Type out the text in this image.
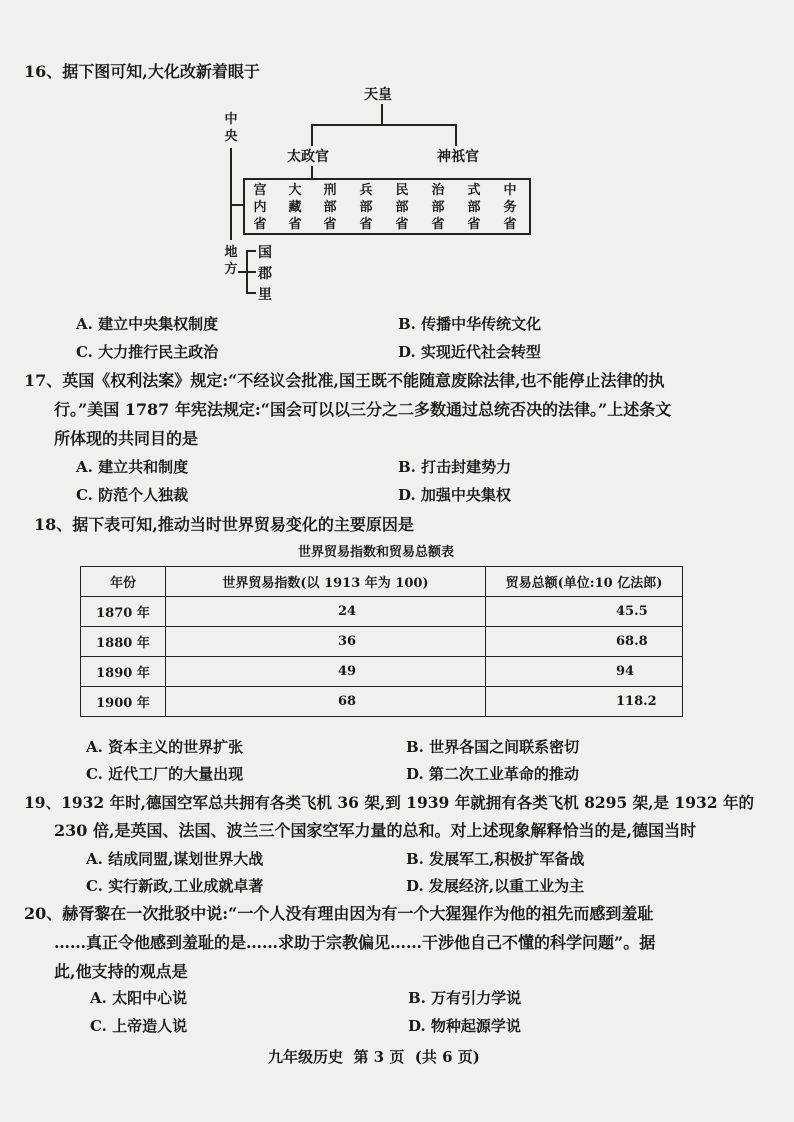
16、据下图可知,大化改新着眼于
天皇
太政官	神祇官
中央
宫内省
大藏省
刑部省
兵部省
民部省
治部省
式部省
中务省
地方
国
郡
里
A. 建立中央集权制度	B. 传播中华传统文化
C. 大力推行民主政治	D. 实现近代社会转型
17、英国《权利法案》规定:“不经议会批准,国王既不能随意废除法律,也不能停止法律的执
行。”美国 1787 年宪法规定:“国会可以以三分之二多数通过总统否决的法律。”上述条文
所体现的共同目的是
A. 建立共和制度	B. 打击封建势力
C. 防范个人独裁	D. 加强中央集权
18、据下表可知,推动当时世界贸易变化的主要原因是
世界贸易指数和贸易总额表
年份	世界贸易指数(以 1913 年为 100)	贸易总额(单位:10 亿法郎)
1870 年	24	45.5
1880 年	36	68.8
1890 年	49	94
1900 年	68	118.2
A. 资本主义的世界扩张	B. 世界各国之间联系密切
C. 近代工厂的大量出现	D. 第二次工业革命的推动
19、1932 年时,德国空军总共拥有各类飞机 36 架,到 1939 年就拥有各类飞机 8295 架,是 1932 年的
230 倍,是英国、法国、波兰三个国家空军力量的总和。对上述现象解释恰当的是,德国当时
A. 结成同盟,谋划世界大战	B. 发展军工,积极扩军备战
C. 实行新政,工业成就卓著	D. 发展经济,以重工业为主
20、赫胥黎在一次批驳中说:“一个人没有理由因为有一个大猩猩作为他的祖先而感到羞耻
……真正令他感到羞耻的是……求助于宗教偏见……干涉他自己不懂的科学问题”。据
此,他支持的观点是
A. 太阳中心说	B. 万有引力学说
C. 上帝造人说	D. 物种起源学说
九年级历史  第 3 页  (共 6 页)
